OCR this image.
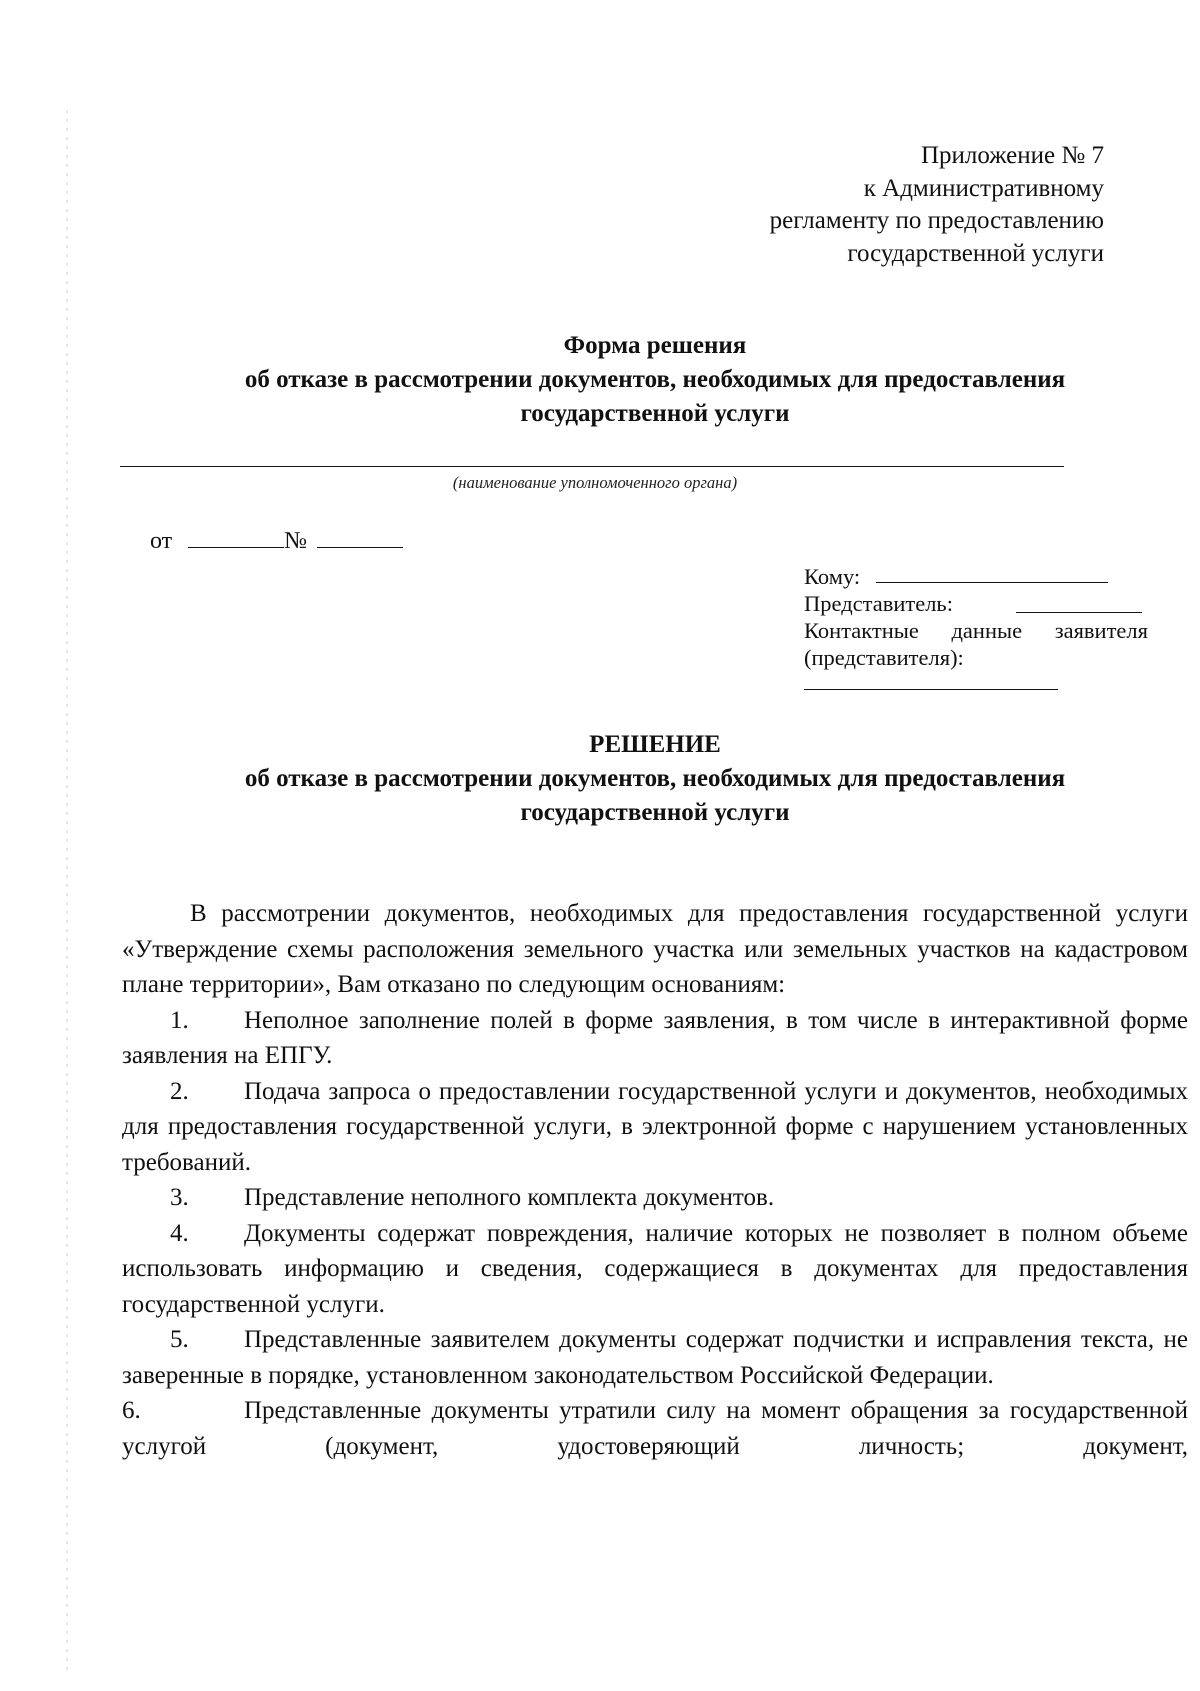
Приложение № 7
к Административному
регламенту по предоставлению
государственной услуги
Форма решения
об отказе в рассмотрении документов, необходимых для предоставления
государственной услуги
(наименование уполномоченного органа)
от	№
Кому:
Представитель:
Контактные данные заявителя
(представителя):
РЕШЕНИЕ
об отказе в рассмотрении документов, необходимых для предоставления
государственной услуги

В рассмотрении документов, необходимых для предоставления государственной услуги «Утверждение схемы расположения земельного участка или земельных участков на кадастровом плане территории», Вам отказано по следующим основаниям:

1. Неполное заполнение полей в форме заявления, в том числе в интерактивной форме заявления на ЕПГУ.

2. Подача запроса о предоставлении государственной услуги и документов, необходимых для предоставления государственной услуги, в электронной форме с нарушением установленных требований.

3. Представление неполного комплекта документов.

4. Документы содержат повреждения, наличие которых не позволяет в полном объеме использовать информацию и сведения, содержащиеся в документах для предоставления государственной услуги.

5. Представленные заявителем документы содержат подчистки и исправления текста, не заверенные в порядке, установленном законодательством Российской Федерации.

6.	Представленные документы утратили силу на момент обращения за государственной услугой (документ, удостоверяющий личность; документ,
